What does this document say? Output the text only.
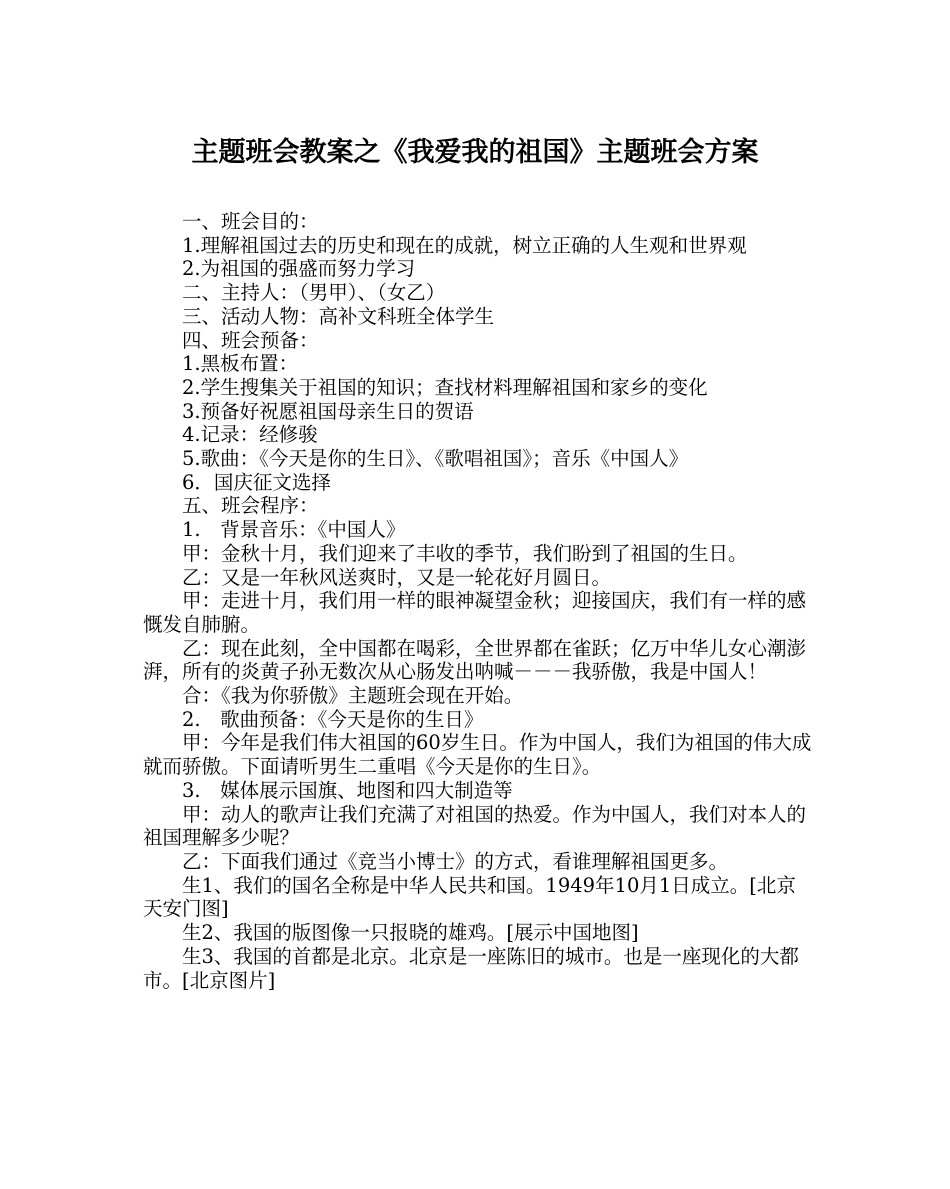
主题班会教案之《我爱我的祖国》主题班会方案

一、班会目的：

1.理解祖国过去的历史和现在的成就，树立正确的人生观和世界观

2.为祖国的强盛而努力学习

二、主持人：（男甲）、（女乙）

三、活动人物：高补文科班全体学生

四、班会预备：

1.黑板布置：

2.学生搜集关于祖国的知识；查找材料理解祖国和家乡的变化

3.预备好祝愿祖国母亲生日的贺语

4.记录：经修骏

5.歌曲：《今天是你的生日》、《歌唱祖国》；音乐《中国人》

6．国庆征文选择

五、班会程序：

1.　背景音乐：《中国人》

甲：金秋十月，我们迎来了丰收的季节，我们盼到了祖国的生日。

乙：又是一年秋风送爽时，又是一轮花好月圆日。

甲：走进十月，我们用一样的眼神凝望金秋；迎接国庆，我们有一样的感慨发自肺腑。

乙：现在此刻，全中国都在喝彩，全世界都在雀跃；亿万中华儿女心潮澎湃，所有的炎黄子孙无数次从心肠发出呐喊－－－我骄傲，我是中国人！

合：《我为你骄傲》主题班会现在开始。

2.　歌曲预备：《今天是你的生日》

甲：今年是我们伟大祖国的60岁生日。作为中国人，我们为祖国的伟大成就而骄傲。下面请听男生二重唱《今天是你的生日》。

3.　媒体展示国旗、地图和四大制造等

甲：动人的歌声让我们充满了对祖国的热爱。作为中国人，我们对本人的祖国理解多少呢？

乙：下面我们通过《竞当小博士》的方式，看谁理解祖国更多。

生1、我们的国名全称是中华人民共和国。1949年10月1日成立。[北京天安门图]

生2、我国的版图像一只报晓的雄鸡。[展示中国地图]

生3、我国的首都是北京。北京是一座陈旧的城市。也是一座现化的大都市。[北京图片]
